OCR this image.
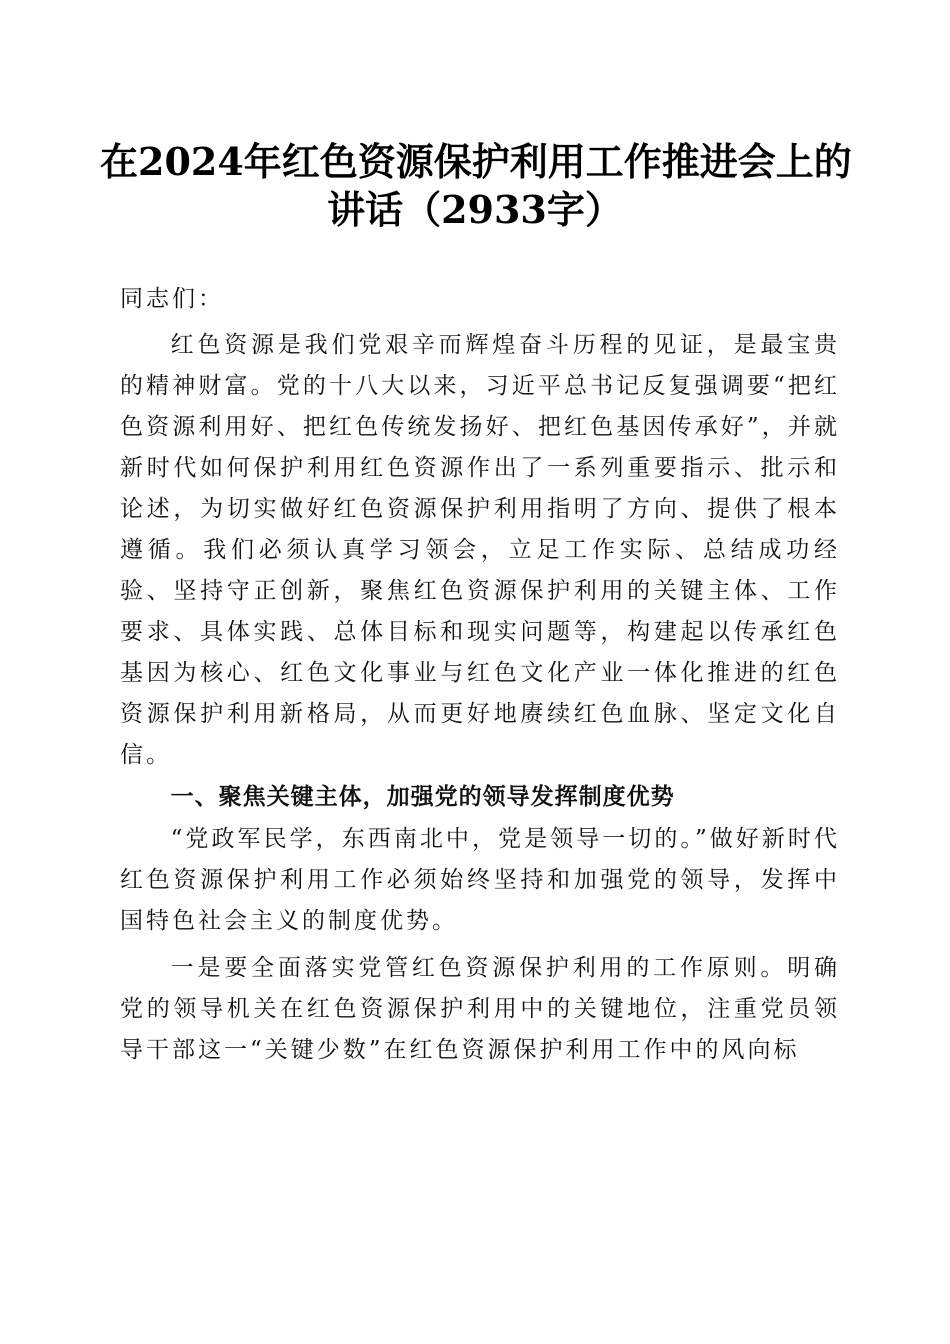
在2024年红色资源保护利用工作推进会上的
讲话（2933字）

同志们：

红色资源是我们党艰辛而辉煌奋斗历程的见证，是最宝贵的精神财富。党的十八大以来，习近平总书记反复强调要“把红色资源利用好、把红色传统发扬好、把红色基因传承好”，并就新时代如何保护利用红色资源作出了一系列重要指示、批示和论述，为切实做好红色资源保护利用指明了方向、提供了根本遵循。我们必须认真学习领会，立足工作实际、总结成功经验、坚持守正创新，聚焦红色资源保护利用的关键主体、工作要求、具体实践、总体目标和现实问题等，构建起以传承红色基因为核心、红色文化事业与红色文化产业一体化推进的红色资源保护利用新格局，从而更好地赓续红色血脉、坚定文化自信。

一、聚焦关键主体，加强党的领导发挥制度优势

“党政军民学，东西南北中，党是领导一切的。”做好新时代红色资源保护利用工作必须始终坚持和加强党的领导，发挥中国特色社会主义的制度优势。

一是要全面落实党管红色资源保护利用的工作原则。明确党的领导机关在红色资源保护利用中的关键地位，注重党员领导干部这一“关键少数”在红色资源保护利用工作中的风向标
